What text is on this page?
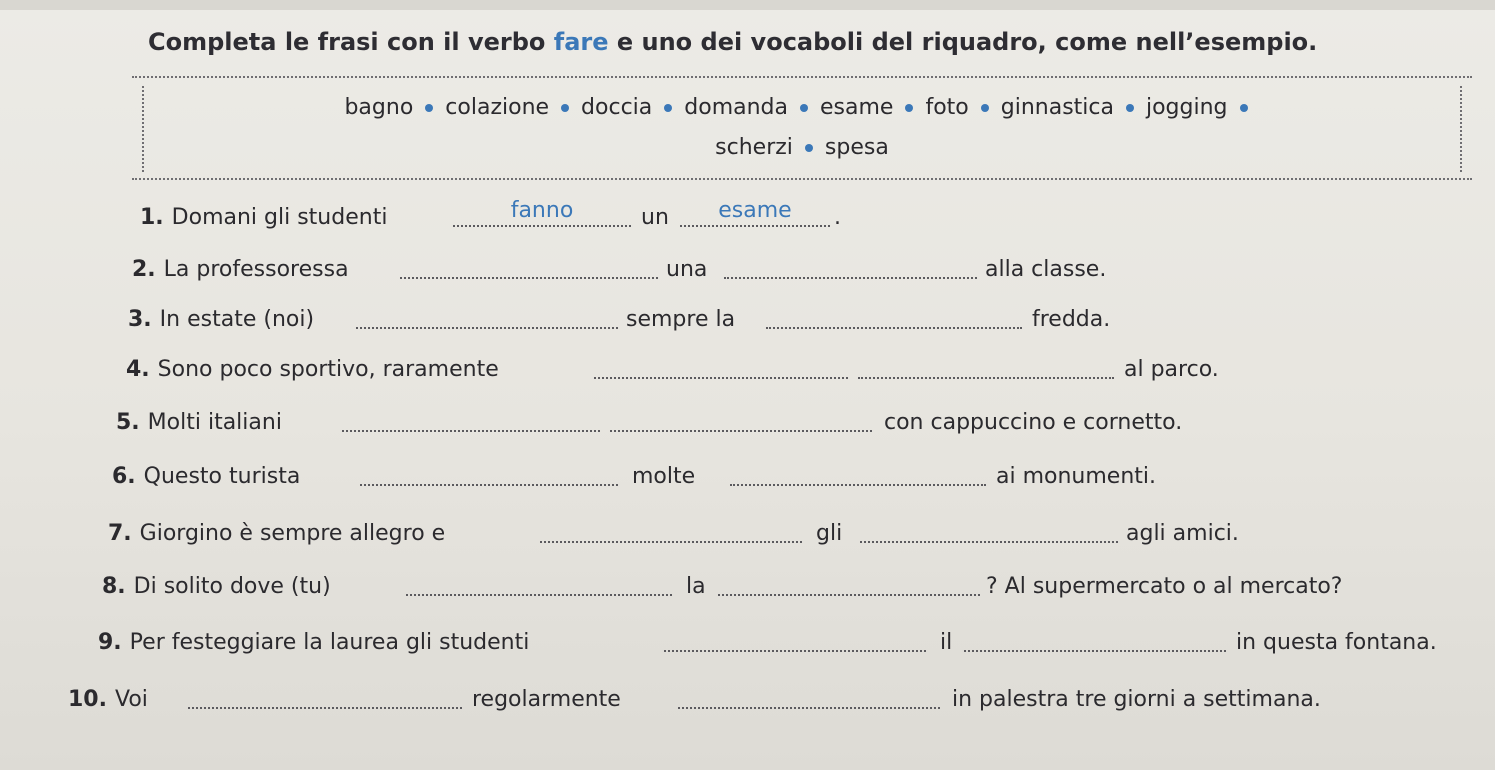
Completa le frasi con il verbo fare e uno dei vocaboli del riquadro, come nell’esempio.
bagno colazione doccia domanda esame foto ginnastica jogging
scherzi spesa
1. Domani gli studenti	fanno	un	esame	.
2. La professoressa	una	alla classe.
3. In estate (noi)	sempre la	fredda.
4. Sono poco sportivo, raramente	al parco.
5. Molti italiani	con cappuccino e cornetto.
6. Questo turista	molte	ai monumenti.
7. Giorgino è sempre allegro e	gli	agli amici.
8. Di solito dove (tu)	la	? Al supermercato o al mercato?
9. Per festeggiare la laurea gli studenti	il	in questa fontana.
10. Voi	regolarmente	in palestra tre giorni a settimana.
